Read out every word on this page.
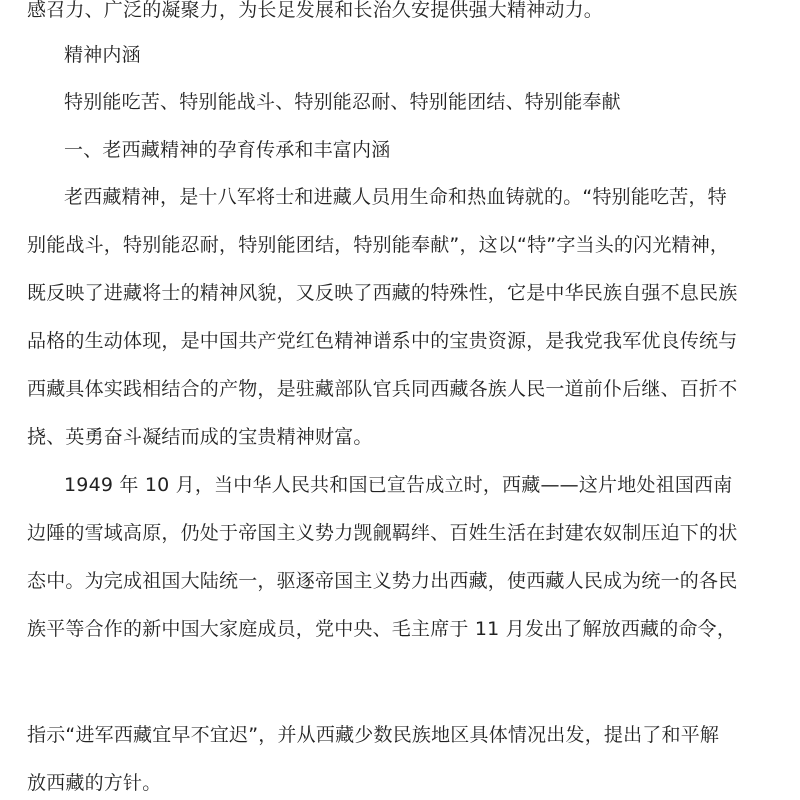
感召力、广泛的凝聚力，为长足发展和长治久安提供强大精神动力。
精神内涵
特别能吃苦、特别能战斗、特别能忍耐、特别能团结、特别能奉献
一、老西藏精神的孕育传承和丰富内涵
老西藏精神，是十八军将士和进藏人员用生命和热血铸就的。“特别能吃苦，特
别能战斗，特别能忍耐，特别能团结，特别能奉献”，这以“特”字当头的闪光精神，
既反映了进藏将士的精神风貌，又反映了西藏的特殊性，它是中华民族自强不息民族
品格的生动体现，是中国共产党红色精神谱系中的宝贵资源，是我党我军优良传统与
西藏具体实践相结合的产物，是驻藏部队官兵同西藏各族人民一道前仆后继、百折不
挠、英勇奋斗凝结而成的宝贵精神财富。
1949 年 10 月，当中华人民共和国已宣告成立时，西藏——这片地处祖国西南
边陲的雪域高原，仍处于帝国主义势力觊觎羁绊、百姓生活在封建农奴制压迫下的状
态中。为完成祖国大陆统一，驱逐帝国主义势力出西藏，使西藏人民成为统一的各民
族平等合作的新中国大家庭成员，党中央、毛主席于 11 月发出了解放西藏的命令，
指示“进军西藏宜早不宜迟”，并从西藏少数民族地区具体情况出发，提出了和平解
放西藏的方针。
